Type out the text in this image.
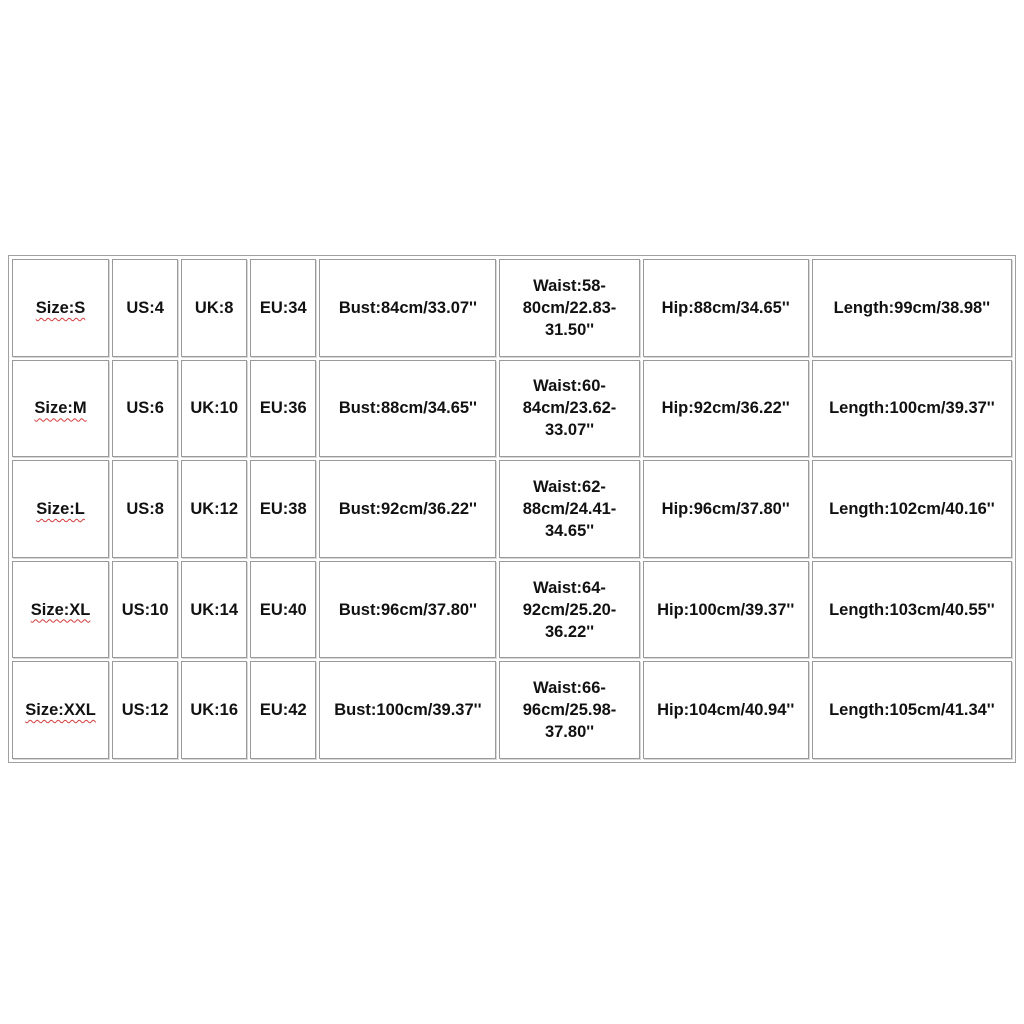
Size:S	US:4	UK:8	EU:34	Bust:84cm/33.07''	Waist:58-
80cm/22.83-
31.50''	Hip:88cm/34.65''	Length:99cm/38.98''
Size:M	US:6	UK:10	EU:36	Bust:88cm/34.65''	Waist:60-
84cm/23.62-
33.07''	Hip:92cm/36.22''	Length:100cm/39.37''
Size:L	US:8	UK:12	EU:38	Bust:92cm/36.22''	Waist:62-
88cm/24.41-
34.65''	Hip:96cm/37.80''	Length:102cm/40.16''
Size:XL	US:10	UK:14	EU:40	Bust:96cm/37.80''	Waist:64-
92cm/25.20-
36.22''	Hip:100cm/39.37''	Length:103cm/40.55''
Size:XXL	US:12	UK:16	EU:42	Bust:100cm/39.37''	Waist:66-
96cm/25.98-
37.80''	Hip:104cm/40.94''	Length:105cm/41.34''
